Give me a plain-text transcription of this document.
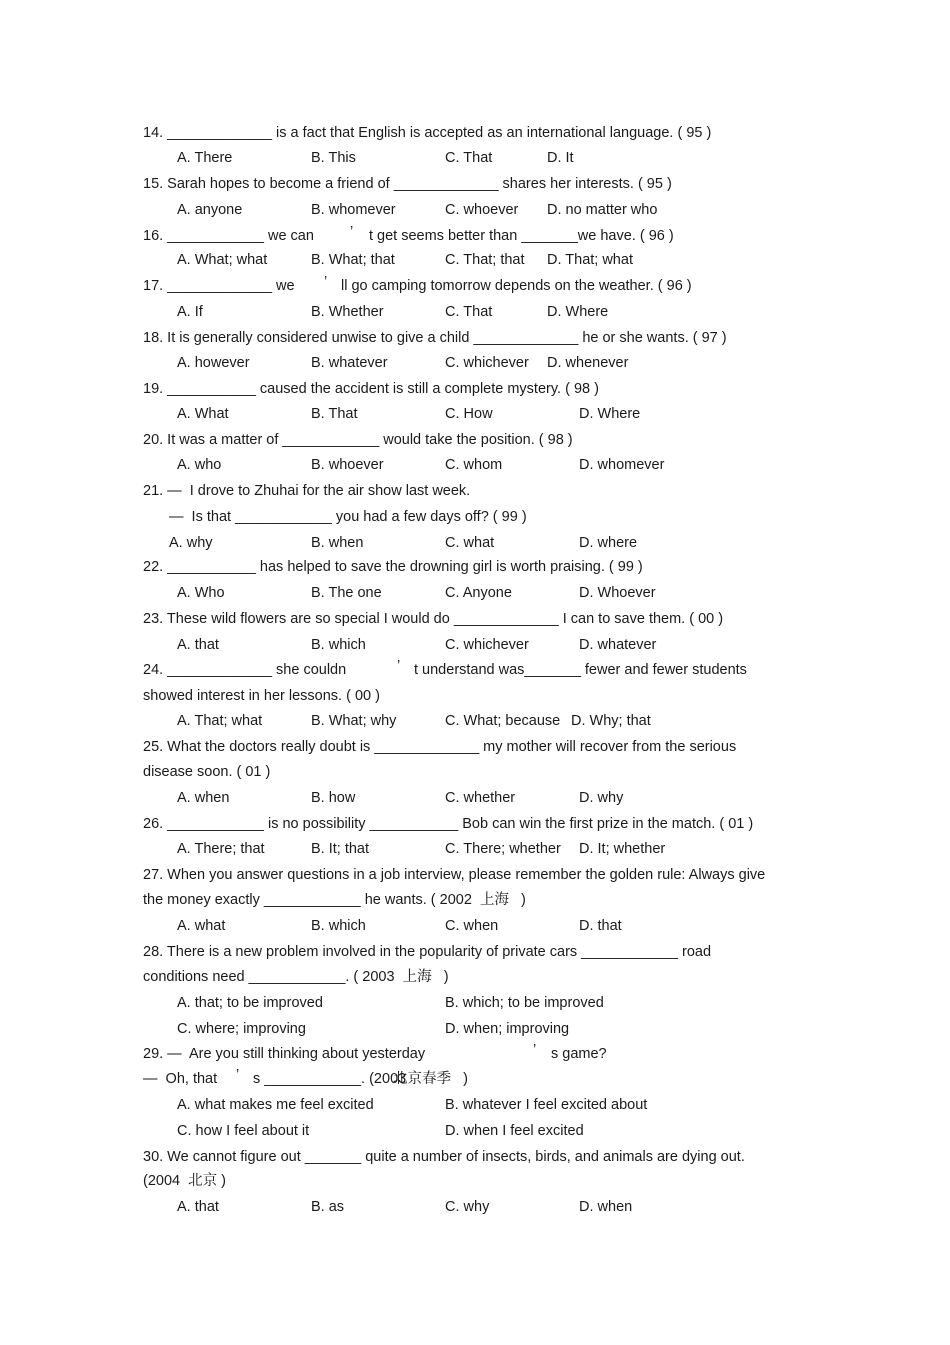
14. _____________ is a fact that English is accepted as an international language. ( 95 )
A. There	B. This	C. That	D. It
15. Sarah hopes to become a friend of _____________ shares her interests. ( 95 )
A. anyone	B. whomever	C. whoever D. no matter who
16. ____________ we can ’ t get seems better than _______we have. ( 96 )
A. What; what	B. What; that	C. That; that D. That; what
17. _____________ we ’ ll go camping tomorrow depends on the weather. ( 96 )
A. If	B. Whether	C. That	D. Where
18. It is generally considered unwise to give a child _____________ he or she wants. ( 97 )
A. however	B. whatever	C. whichever D. whenever
19. ___________ caused the accident is still a complete mystery. ( 98 )
A. What	B. That	C. How	D. Where
20. It was a matter of ____________ would take the position. ( 98 )
A. who	B. whoever	C. whom	D. whomever
21. —  I drove to Zhuhai for the air show last week.
—  Is that ____________ you had a few days off? ( 99 )
A. why	B. when	C. what	D. where
22. ___________ has helped to save the drowning girl is worth praising. ( 99 )
A. Who	B. The one	C. Anyone	D. Whoever
23. These wild flowers are so special I would do _____________ I can to save them. ( 00 )
A. that	B. which	C. whichever	D. whatever
24. _____________ she couldn	’ t understand was_______ fewer and fewer students
showed interest in her lessons. ( 00 )
A. That; what	B. What; why	C. What; because D. Why; that
25. What the doctors really doubt is _____________ my mother will recover from the serious
disease soon. ( 01 )
A. when	B. how	C. whether	D. why
26. ____________ is no possibility ___________ Bob can win the first prize in the match. ( 01 )
A. There; that	B. It; that	C. There; whether D. It; whether
27. When you answer questions in a job interview, please remember the golden rule: Always give
the money exactly ____________ he wants. ( 2002  上海   )
A. what	B. which	C. when	D. that
28. There is a new problem involved in the popularity of private cars ____________ road
conditions need ____________. ( 2003  上海   )
A. that; to be improved	B. which; to be improved
C. where; improving	D. when; improving
29. —  Are you still thinking about yesterday	’ s game?
—  Oh, that ’ s ____________. (2003
北京春季   )
A. what makes me feel excited	B. whatever I feel excited about
C. how I feel about it	D. when I feel excited
30. We cannot figure out _______ quite a number of insects, birds, and animals are dying out.
(2004  北京 )
A. that	B. as	C. why	D. when
